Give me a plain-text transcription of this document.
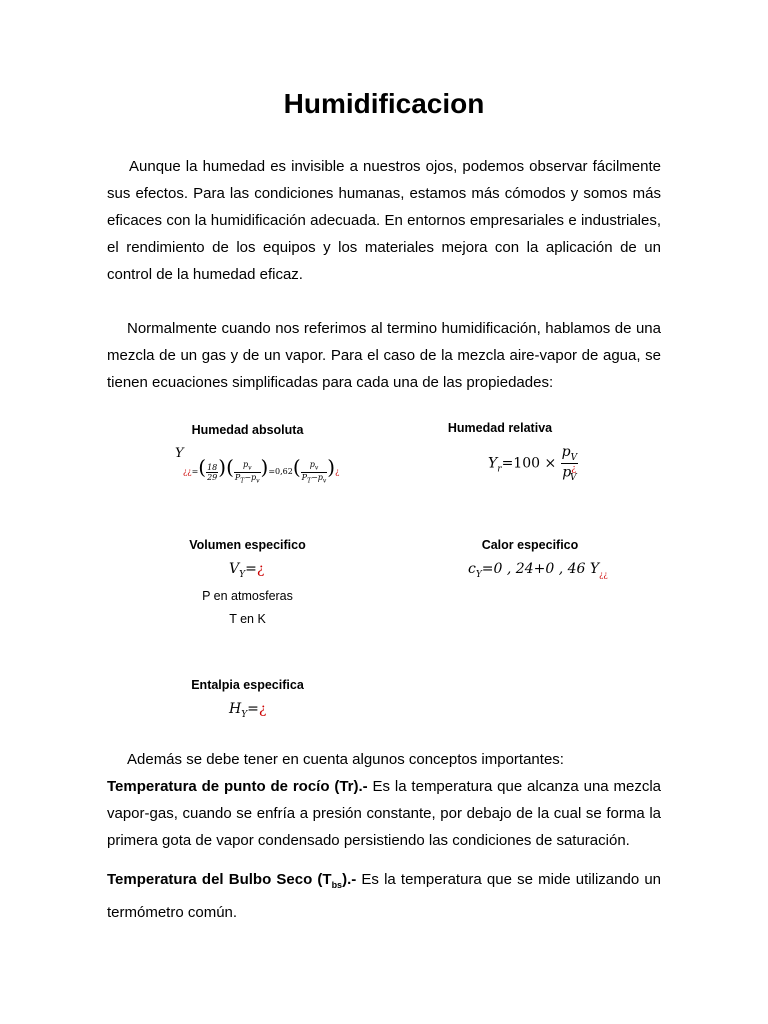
Humidificacion

Aunque la humedad es invisible a nuestros ojos, podemos observar fácilmente sus efectos. Para las condiciones humanas, estamos más cómodos y somos más eficaces con la humidificación adecuada. En entornos empresariales e industriales, el rendimiento de los equipos y los materiales mejora con la aplicación de un control de la humedad eficaz.

Normalmente cuando nos referimos al termino humidificación, hablamos de una mezcla de un gas y de un vapor. Para el caso de la mezcla aire-vapor de agua, se tienen ecuaciones simplificadas para cada una de las propiedades:

Humedad absoluta
Y
¿¿=( $\frac{18}{29}$ )( $\frac{p_v}{P_T-p_v} )=0,62( \frac{p_v}{P_T-p_v}$ )¿
Humedad relativa
$Y_r=100 \times \frac{p_V}{p^¿_V}$
Volumen especifico
$V_Y=¿$
P en atmosferas
T en K
Calor especifico
$c_Y=0$ , 24+0 , 46 $Y_{¿¿}$
Entalpia especifica
$H_Y=¿$

Además se debe tener en cuenta algunos conceptos importantes:

Temperatura de punto de rocío (Tr).- Es la temperatura que alcanza una mezcla vapor-gas, cuando se enfría a presión constante, por debajo de la cual se forma la primera gota de vapor condensado persistiendo las condiciones de saturación.

Temperatura del Bulbo Seco $(T_{bs}).-$ Es la temperatura que se mide utilizando un termómetro común.
